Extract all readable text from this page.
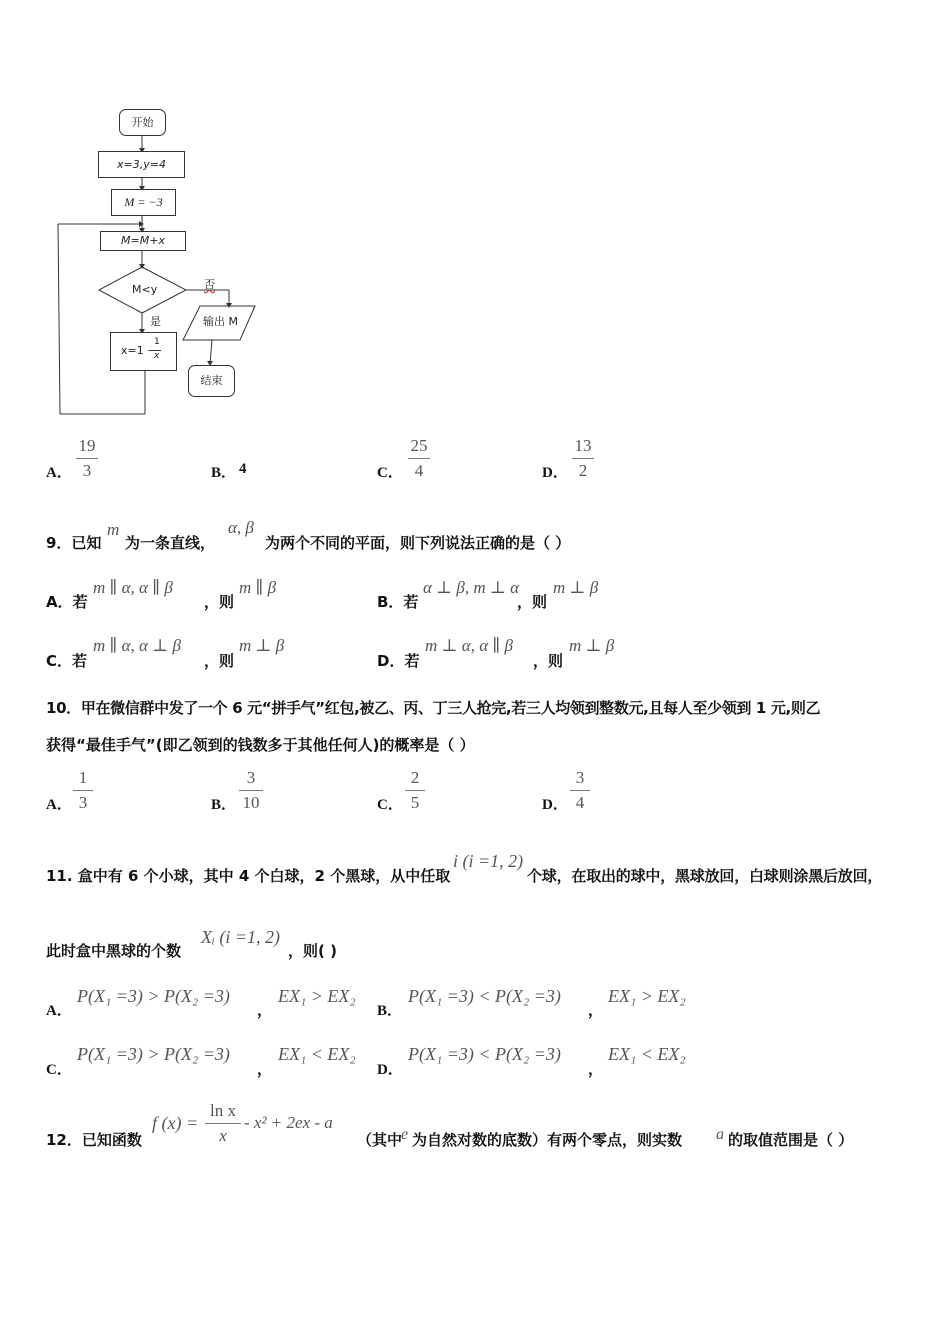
开始
x=3,y=4
M = −3
M=M+x
M<y	否
是	输出 M
x=1 −
1
x
结束
A．
19
3	B． 4	C．
25
4	D．
13
2
9．已知
m
为一条直线，
α, β
为两个不同的平面，则下列说法正确的是（ ）
A．若
m ∥ α, α ∥ β
，则
m ∥ β
B．若
α ⊥ β, m ⊥ α
，则
m ⊥ β
C．若
m ∥ α, α ⊥ β
，则
m ⊥ β
D．若
m ⊥ α, α ∥ β
，则
m ⊥ β
10．甲在微信群中发了一个 6 元“拼手气”红包,被乙、丙、丁三人抢完,若三人均领到整数元,且每人至少领到 1 元,则乙
获得“最佳手气”(即乙领到的钱数多于其他任何人)的概率是（ ）
A．
1
3	B．
3
10	C．
2
5	D．
3
4
11. 盒中有 6 个小球，其中 4 个白球，2 个黑球，从中任取
i (i =1, 2)
个球，在取出的球中，黑球放回，白球则涂黑后放回，
此时盒中黑球的个数
Xᵢ (i =1, 2)
，则( )
A．
P(X₁ =3) > P(X₂ =3)
，
EX₁ > EX₂
B．
P(X₁ =3) < P(X₂ =3)
，
EX₁ > EX₂
C．
P(X₁ =3) > P(X₂ =3)
，
EX₁ < EX₂
D．
P(X₁ =3) < P(X₂ =3)
，
EX₁ < EX₂
12．已知函数
f (x) =
ln x
x
- x² + 2ex - a
（其中
e 为自然对数的底数）有两个零点，则实数 a 的取值范围是（ ）
